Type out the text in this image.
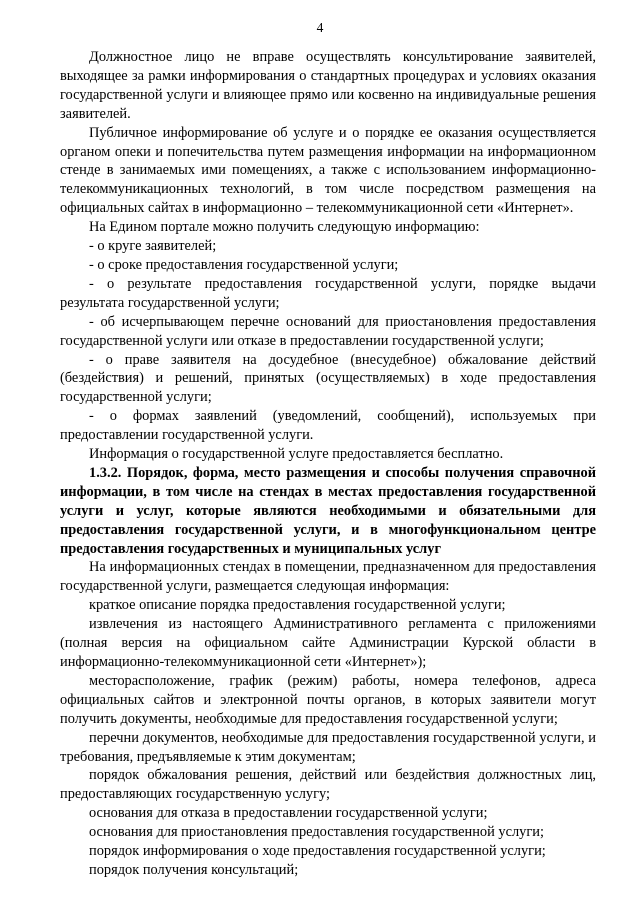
4

Должностное лицо не вправе осуществлять консультирование заявителей, выходящее за рамки информирования о стандартных процедурах и условиях оказания государственной услуги и влияющее прямо или косвенно на индивидуальные решения заявителей.

Публичное информирование об услуге и о порядке ее оказания осуществляется органом опеки и попечительства путем размещения информации на информационном стенде в занимаемых ими помещениях, а также с использованием информационно-телекоммуникационных технологий, в том числе посредством размещения на официальных сайтах в информационно – телекоммуникационной сети «Интернет».

На Едином портале можно получить следующую информацию:

- о круге заявителей;

- о сроке предоставления государственной услуги;

- о результате предоставления государственной услуги, порядке выдачи результата государственной услуги;

- об исчерпывающем перечне оснований для приостановления предоставления государственной услуги или отказе в предоставлении государственной услуги;

- о праве заявителя на досудебное (внесудебное) обжалование действий (бездействия) и решений, принятых (осуществляемых) в ходе предоставления государственной услуги;

- о формах заявлений (уведомлений, сообщений), используемых при предоставлении государственной услуги.

Информация о государственной услуге предоставляется бесплатно.

1.3.2. Порядок, форма, место размещения и способы получения справочной информации, в том числе на стендах в местах предоставления государственной услуги и услуг, которые являются необходимыми и обязательными для предоставления государственной услуги, и в многофункциональном центре предоставления государственных и муниципальных услуг

На информационных стендах в помещении, предназначенном для предоставления государственной услуги, размещается следующая информация:

краткое описание порядка предоставления государственной услуги;

извлечения из настоящего Административного регламента с приложениями (полная версия на официальном сайте Администрации Курской области в информационно-телекоммуникационной сети «Интернет»);

месторасположение, график (режим) работы, номера телефонов, адреса официальных сайтов и электронной почты органов, в которых заявители могут получить документы, необходимые для предоставления государственной услуги;

перечни документов, необходимые для предоставления государственной услуги, и требования, предъявляемые к этим документам;

порядок обжалования решения, действий или бездействия должностных лиц, предоставляющих государственную услугу;

основания для отказа в предоставлении государственной услуги;

основания для приостановления предоставления государственной услуги;

порядок информирования о ходе предоставления государственной услуги;

порядок получения консультаций;
